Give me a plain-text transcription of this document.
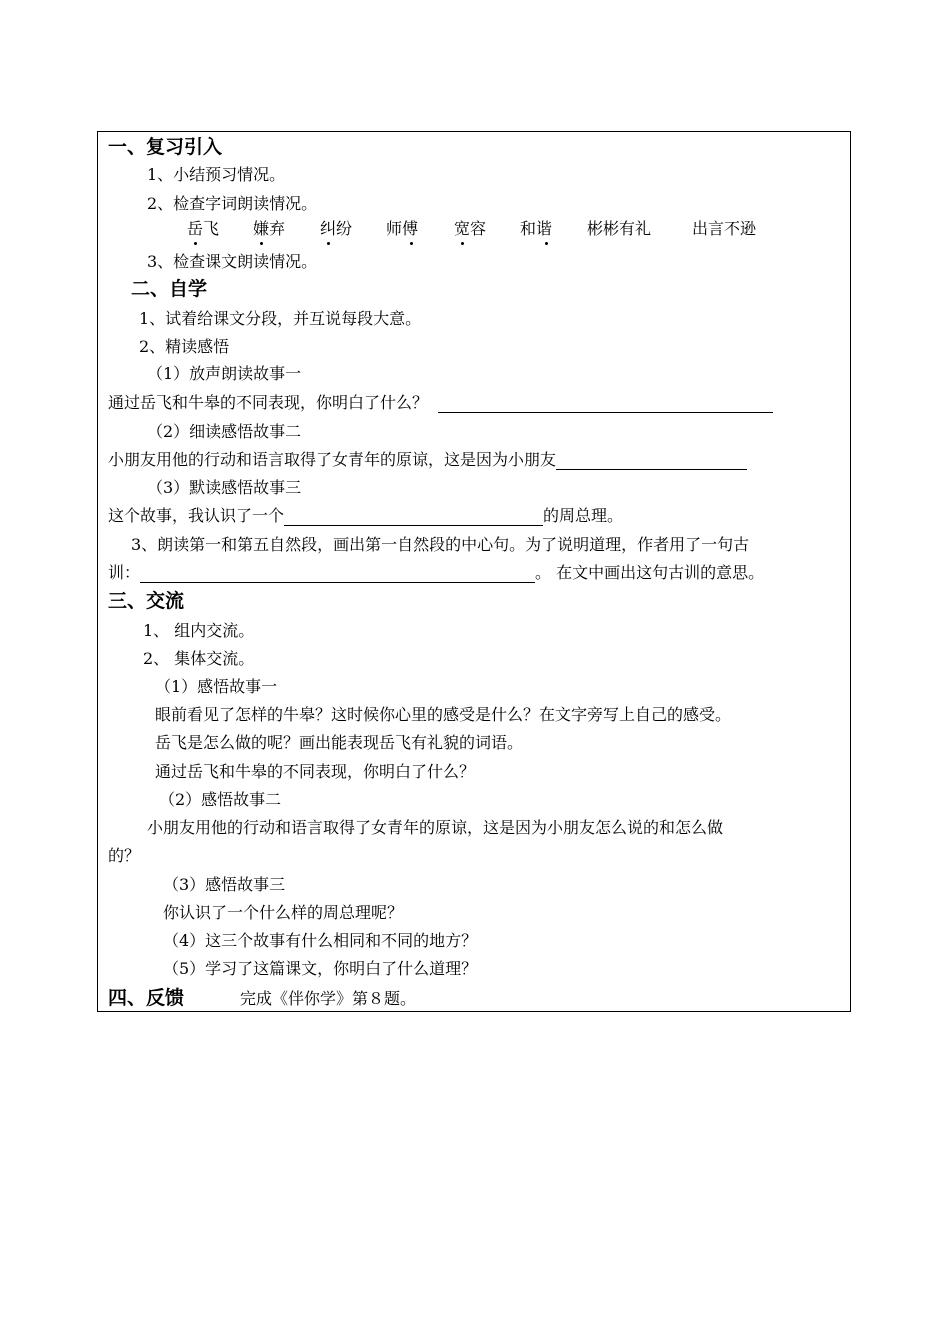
一、复习引入
1、小结预习情况。
2、检查字词朗读情况。
岳飞 嫌弃 纠纷 师傅 宽容 和谐 彬彬有礼	出言不逊
3、检查课文朗读情况。
二、自学
1、试着给课文分段，并互说每段大意。
2、精读感悟
（1）放声朗读故事一
通过岳飞和牛皋的不同表现，你明白了什么？
（2）细读感悟故事二
小朋友用他的行动和语言取得了女青年的原谅，这是因为小朋友
（3）默读感悟故事三
这个故事，我认识了一个	的周总理。
3、朗读第一和第五自然段，画出第一自然段的中心句。为了说明道理，作者用了一句古
训：	。 在文中画出这句古训的意思。
三、交流
1、 组内交流。
2、 集体交流。
（1）感悟故事一
眼前看见了怎样的牛皋？这时候你心里的感受是什么？在文字旁写上自己的感受。
岳飞是怎么做的呢？画出能表现岳飞有礼貌的词语。
通过岳飞和牛皋的不同表现，你明白了什么？
（2）感悟故事二
小朋友用他的行动和语言取得了女青年的原谅，这是因为小朋友怎么说的和怎么做
的？
（3）感悟故事三
你认识了一个什么样的周总理呢？
（4）这三个故事有什么相同和不同的地方？
（5）学习了这篇课文，你明白了什么道理？
四、反馈	完成《伴你学》第８题。
